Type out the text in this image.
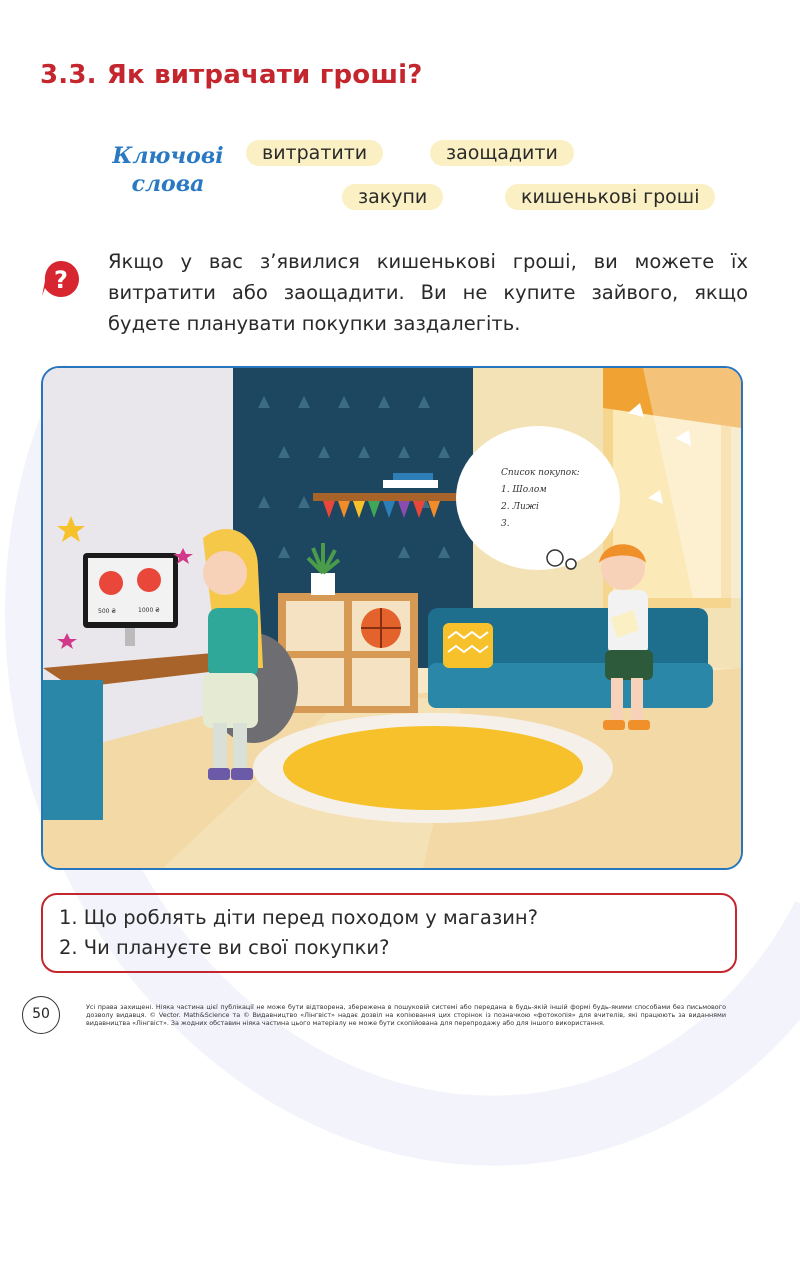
3.3. Як витрачати гроші?
Ключові
слова
витратити	заощадити
закупи	кишенькові гроші
?
Якщо у вас з’явилися кишенькові гроші, ви можете їх витратити або заощадити. Ви не купите зайвого, якщо будете планувати покупки заздалегіть.
Список покупок:
1. Шолом
2. Лижі
3.
500 ₴	1000 ₴
1. Що роблять діти перед походом у магазин?
2. Чи плануєте ви свої покупки?
50	Усі права захищені. Ніяка частина цієї публікації не може бути відтворена, збережена в пошуковій системі або передана в будь-якій іншій формі будь-якими способами без письмового дозволу видавця. © Vector. Math&Science та © Видавництво «Лінгвіст» надає дозвіл на копіювання цих сторінок із позначкою «фотокопія» для вчителів, які працюють за виданнями видавництва «Лінгвіст». За жодних обставин ніяка частина цього матеріалу не може бути скопійована для перепродажу або для іншого використання.
